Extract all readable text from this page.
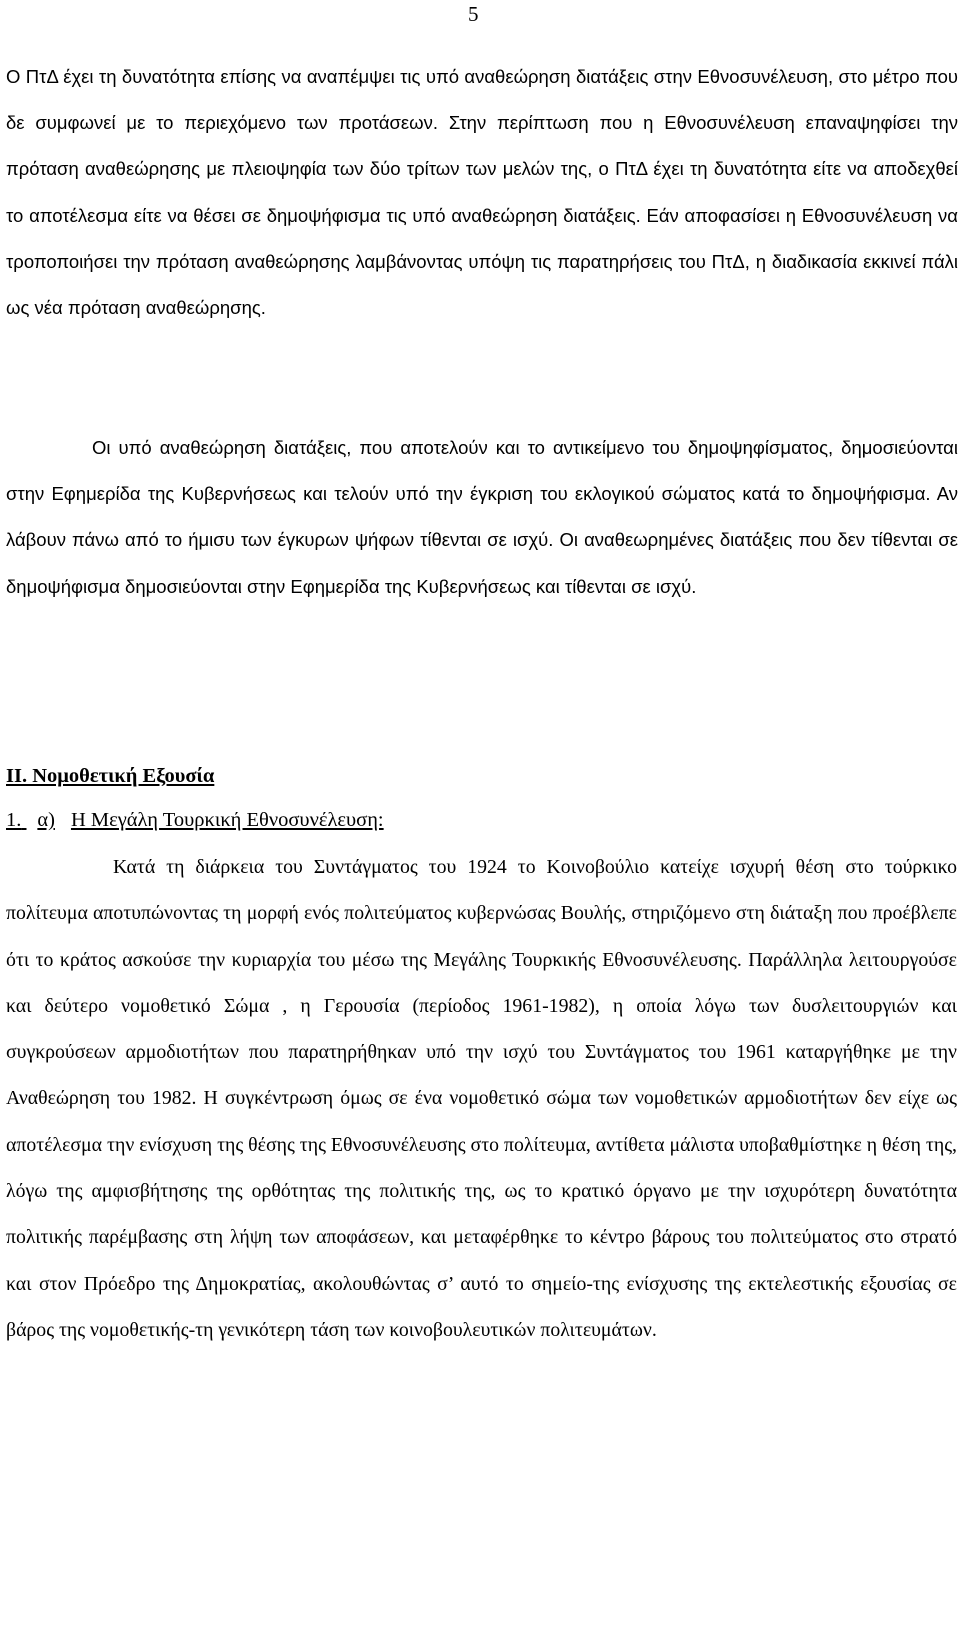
5

Ο ΠτΔ έχει τη δυνατότητα επίσης να αναπέμψει τις υπό αναθεώρηση διατάξεις στην Εθνοσυνέλευση, στο μέτρο που δε συμφωνεί με το περιεχόμενο των προτάσεων. Στην περίπτωση που η Εθνοσυνέλευση επαναψηφίσει την πρόταση αναθεώρησης με πλειοψηφία των δύο τρίτων των μελών της, ο ΠτΔ έχει τη δυνατότητα είτε να αποδεχθεί το αποτέλεσμα είτε να θέσει σε δημοψήφισμα τις υπό αναθεώρηση διατάξεις. Εάν αποφασίσει η Εθνοσυνέλευση να τροποποιήσει την πρόταση αναθεώρησης λαμβάνοντας υπόψη τις παρατηρήσεις του ΠτΔ, η διαδικασία εκκινεί πάλι ως νέα πρόταση αναθεώρησης.

Οι υπό αναθεώρηση διατάξεις, που αποτελούν και το αντικείμενο του δημοψηφίσματος, δημοσιεύονται στην Εφημερίδα της Κυβερνήσεως και τελούν υπό την έγκριση του εκλογικού σώματος κατά το δημοψήφισμα. Αν λάβουν πάνω από το ήμισυ των έγκυρων ψήφων τίθενται σε ισχύ. Οι αναθεωρημένες διατάξεις που δεν τίθενται σε δημοψήφισμα δημοσιεύονται στην Εφημερίδα της Κυβερνήσεως και τίθενται σε ισχύ.

ΙΙ. Νομοθετική Εξουσία
1. α) Η Μεγάλη Τουρκική Εθνοσυνέλευση:

Κατά τη διάρκεια του Συντάγματος του 1924 το Κοινοβούλιο κατείχε ισχυρή θέση στο τούρκικο πολίτευμα αποτυπώνοντας τη μορφή ενός πολιτεύματος κυβερνώσας Βουλής, στηριζόμενο στη διάταξη που προέβλεπε ότι το κράτος ασκούσε την κυριαρχία του μέσω της Μεγάλης Τουρκικής Εθνοσυνέλευσης. Παράλληλα λειτουργούσε και δεύτερο νομοθετικό Σώμα , η Γερουσία (περίοδος 1961-1982), η οποία λόγω των δυσλειτουργιών και συγκρούσεων αρμοδιοτήτων που παρατηρήθηκαν υπό την ισχύ του Συντάγματος του 1961 καταργήθηκε με την Αναθεώρηση του 1982. Η συγκέντρωση όμως σε ένα νομοθετικό σώμα των νομοθετικών αρμοδιοτήτων δεν είχε ως αποτέλεσμα την ενίσχυση της θέσης της Εθνοσυνέλευσης στο πολίτευμα, αντίθετα μάλιστα υποβαθμίστηκε η θέση της, λόγω της αμφισβήτησης της ορθότητας της πολιτικής της, ως το κρατικό όργανο με την ισχυρότερη δυνατότητα πολιτικής παρέμβασης στη λήψη των αποφάσεων, και μεταφέρθηκε το κέντρο βάρους του πολιτεύματος στο στρατό και στον Πρόεδρο της Δημοκρατίας, ακολουθώντας σ’ αυτό το σημείο-της ενίσχυσης της εκτελεστικής εξουσίας σε βάρος της νομοθετικής-τη γενικότερη τάση των κοινοβουλευτικών πολιτευμάτων.
